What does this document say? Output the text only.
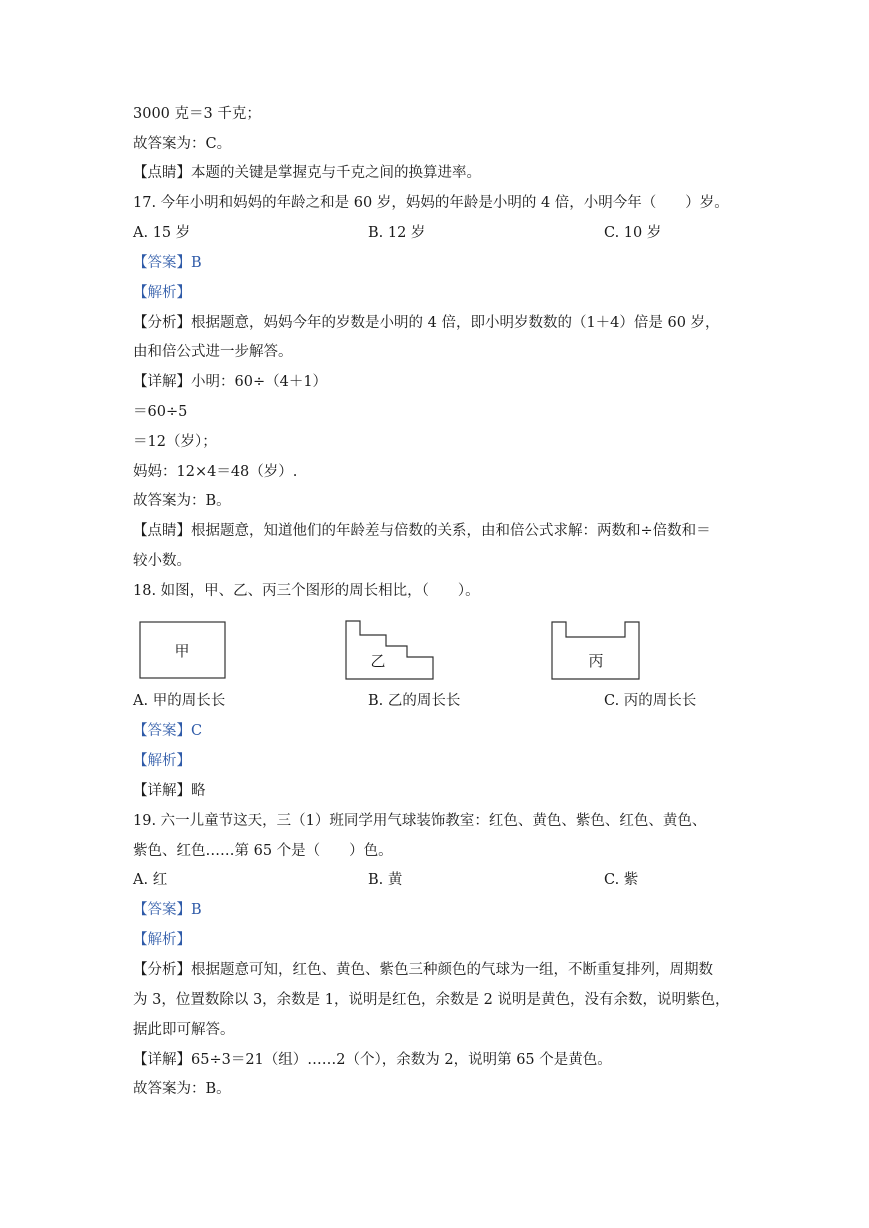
3000 克＝3 千克；
故答案为：C。
【点睛】本题的关键是掌握克与千克之间的换算进率。
17. 今年小明和妈妈的年龄之和是 60 岁，妈妈的年龄是小明的 4 倍，小明今年（　　）岁。
A. 15 岁	B. 12 岁	C. 10 岁
【答案】B
【解析】
【分析】根据题意，妈妈今年的岁数是小明的 4 倍，即小明岁数数的（1＋4）倍是 60 岁，
由和倍公式进一步解答。
【详解】小明：60÷（4＋1）
＝60÷5
＝12（岁）；
妈妈：12×4＝48（岁）.
故答案为：B。
【点睛】根据题意，知道他们的年龄差与倍数的关系，由和倍公式求解：两数和÷倍数和＝
较小数。
18. 如图，甲、乙、丙三个图形的周长相比，（　　）。
甲
乙	丙
A. 甲的周长长	B. 乙的周长长	C. 丙的周长长
【答案】C
【解析】
【详解】略
19. 六一儿童节这天，三（1）班同学用气球装饰教室：红色、黄色、紫色、红色、黄色、
紫色、红色……第 65 个是（　　）色。
A. 红	B. 黄	C. 紫
【答案】B
【解析】
【分析】根据题意可知，红色、黄色、紫色三种颜色的气球为一组，不断重复排列，周期数
为 3，位置数除以 3，余数是 1，说明是红色，余数是 2 说明是黄色，没有余数，说明紫色，
据此即可解答。
【详解】65÷3＝21（组）……2（个），余数为 2，说明第 65 个是黄色。
故答案为：B。
